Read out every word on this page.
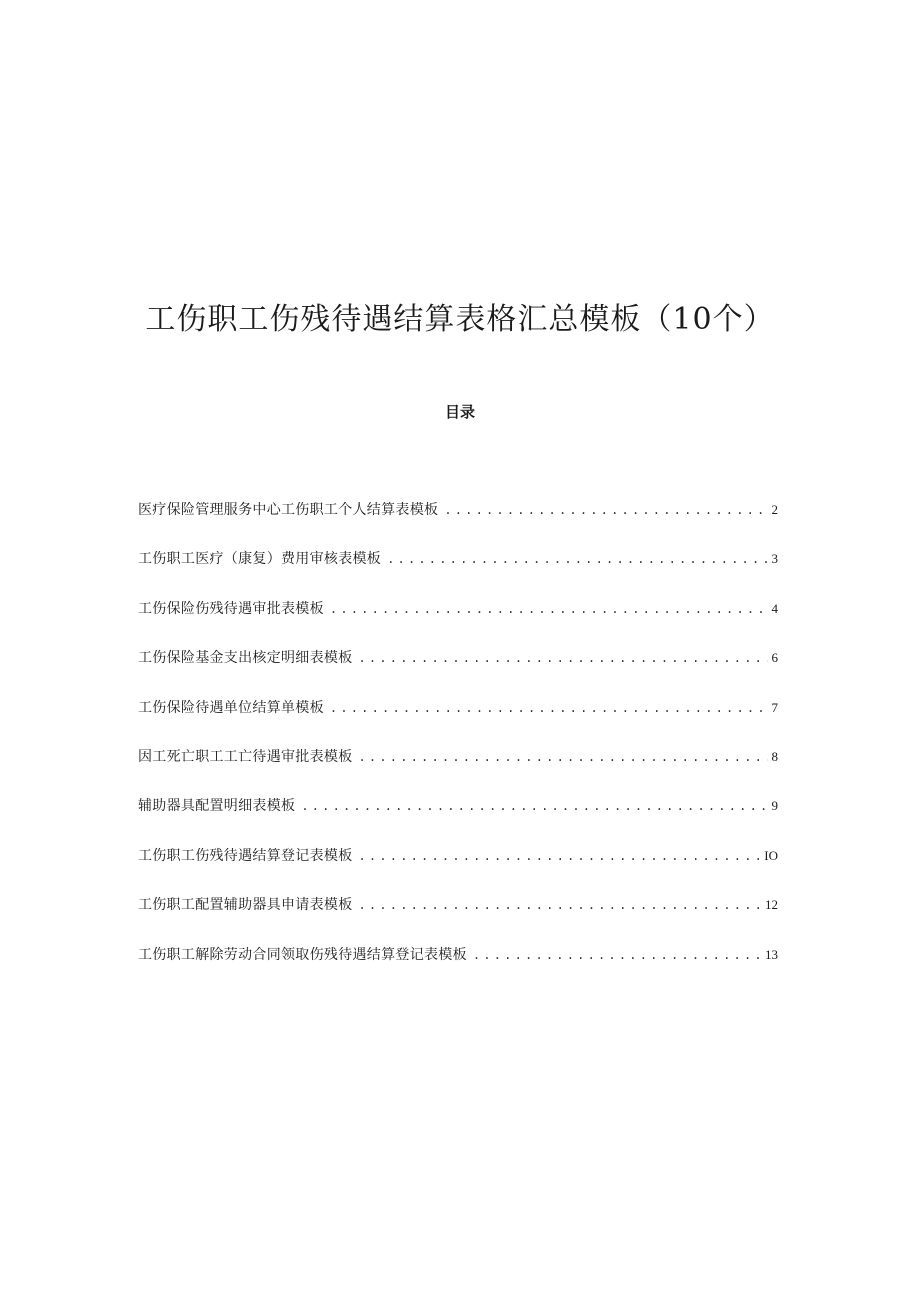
工伤职工伤残待遇结算表格汇总模板（10个）
目录
医疗保险管理服务中心工伤职工个人结算表模板 .....	2
工伤职工医疗（康复）费用审核表模板 .....	3
工伤保险伤残待遇审批表模板 .....	4
工伤保险基金支出核定明细表模板 .....	6
工伤保险待遇单位结算单模板 .....	7
因工死亡职工工亡待遇审批表模板 .....	8
辅助器具配置明细表模板 .....	9
工伤职工伤残待遇结算登记表模板 .....	IO
工伤职工配置辅助器具申请表模板 .....	12
工伤职工解除劳动合同领取伤残待遇结算登记表模板 .....	13
